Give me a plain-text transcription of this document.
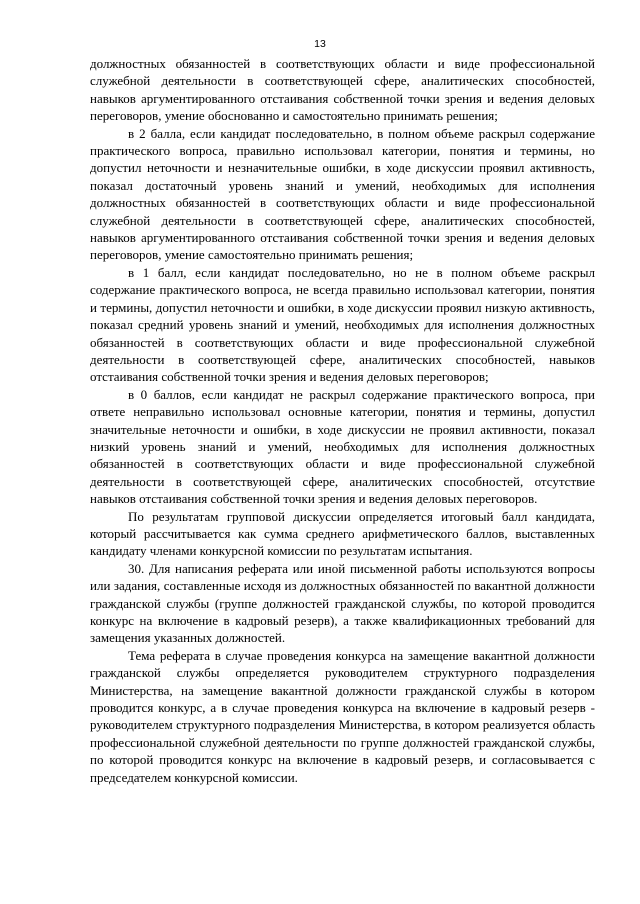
13

должностных обязанностей в соответствующих области и виде профессиональной служебной деятельности в соответствующей сфере, аналитических способностей, навыков аргументированного отстаивания собственной точки зрения и ведения деловых переговоров, умение обоснованно и самостоятельно принимать решения;

в 2 балла, если кандидат последовательно, в полном объеме раскрыл содержание практического вопроса, правильно использовал категории, понятия и термины, но допустил неточности и незначительные ошибки, в ходе дискуссии проявил активность, показал достаточный уровень знаний и умений, необходимых для исполнения должностных обязанностей в соответствующих области и виде профессиональной служебной деятельности в соответствующей сфере, аналитических способностей, навыков аргументированного отстаивания собственной точки зрения и ведения деловых переговоров, умение самостоятельно принимать решения;

в 1 балл, если кандидат последовательно, но не в полном объеме раскрыл содержание практического вопроса, не всегда правильно использовал категории, понятия и термины, допустил неточности и ошибки, в ходе дискуссии проявил низкую активность, показал средний уровень знаний и умений, необходимых для исполнения должностных обязанностей в соответствующих области и виде профессиональной служебной деятельности в соответствующей сфере, аналитических способностей, навыков отстаивания собственной точки зрения и ведения деловых переговоров;

в 0 баллов, если кандидат не раскрыл содержание практического вопроса, при ответе неправильно использовал основные категории, понятия и термины, допустил значительные неточности и ошибки, в ходе дискуссии не проявил активности, показал низкий уровень знаний и умений, необходимых для исполнения должностных обязанностей в соответствующих области и виде профессиональной служебной деятельности в соответствующей сфере, аналитических способностей, отсутствие навыков отстаивания собственной точки зрения и ведения деловых переговоров.

По результатам групповой дискуссии определяется итоговый балл кандидата, который рассчитывается как сумма среднего арифметического баллов, выставленных кандидату членами конкурсной комиссии по результатам испытания.

30. Для написания реферата или иной письменной работы используются вопросы или задания, составленные исходя из должностных обязанностей по вакантной должности гражданской службы (группе должностей гражданской службы, по которой проводится конкурс на включение в кадровый резерв), а также квалификационных требований для замещения указанных должностей.

Тема реферата в случае проведения конкурса на замещение вакантной должности гражданской службы определяется руководителем структурного подразделения Министерства, на замещение вакантной должности гражданской службы в котором проводится конкурс, а в случае проведения конкурса на включение в кадровый резерв - руководителем структурного подразделения Министерства, в котором реализуется область профессиональной служебной деятельности по группе должностей гражданской службы, по которой проводится конкурс на включение в кадровый резерв, и согласовывается с председателем конкурсной комиссии.
